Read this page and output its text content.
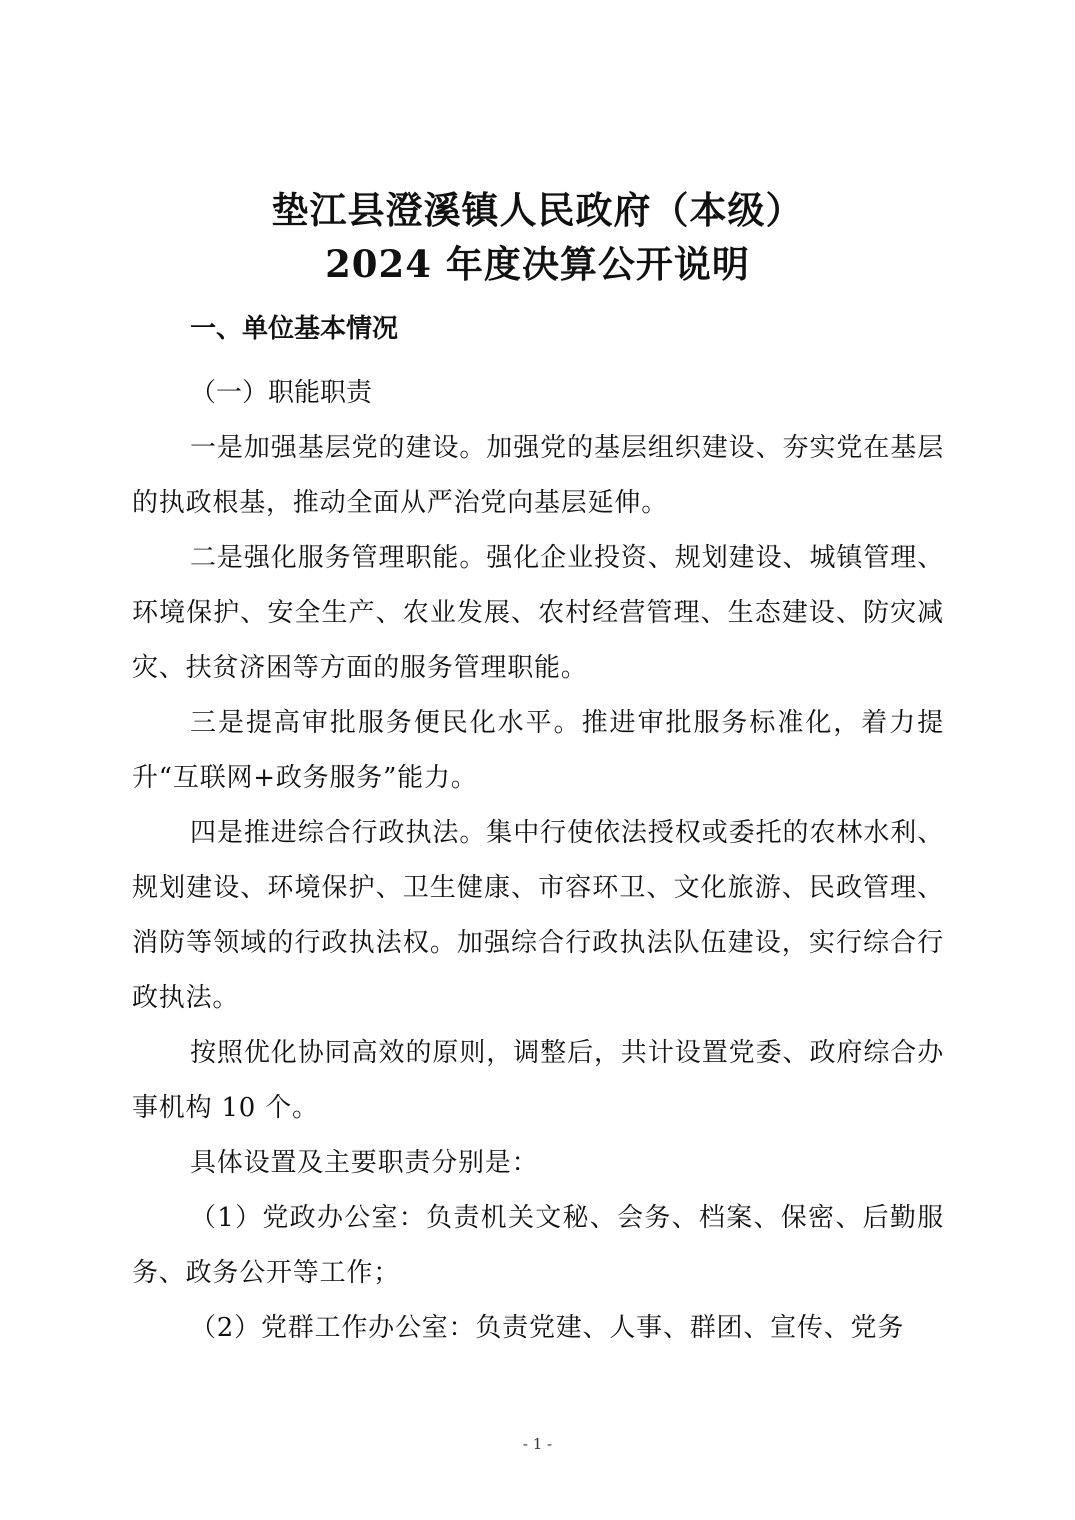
垫江县澄溪镇人民政府（本级）
2024 年度决算公开说明
一、单位基本情况
（一）职能职责

一是加强基层党的建设。加强党的基层组织建设、夯实党在基层的执政根基，推动全面从严治党向基层延伸。

二是强化服务管理职能。强化企业投资、规划建设、城镇管理、环境保护、安全生产、农业发展、农村经营管理、生态建设、防灾减灾、扶贫济困等方面的服务管理职能。

三是提高审批服务便民化水平。推进审批服务标准化，着力提升“互联网+政务服务”能力。

四是推进综合行政执法。集中行使依法授权或委托的农林水利、规划建设、环境保护、卫生健康、市容环卫、文化旅游、民政管理、消防等领域的行政执法权。加强综合行政执法队伍建设，实行综合行政执法。

按照优化协同高效的原则，调整后，共计设置党委、政府综合办事机构 10 个。

具体设置及主要职责分别是：

（1）党政办公室：负责机关文秘、会务、档案、保密、后勤服务、政务公开等工作；

（2）党群工作办公室：负责党建、人事、群团、宣传、党务

- 1 -
